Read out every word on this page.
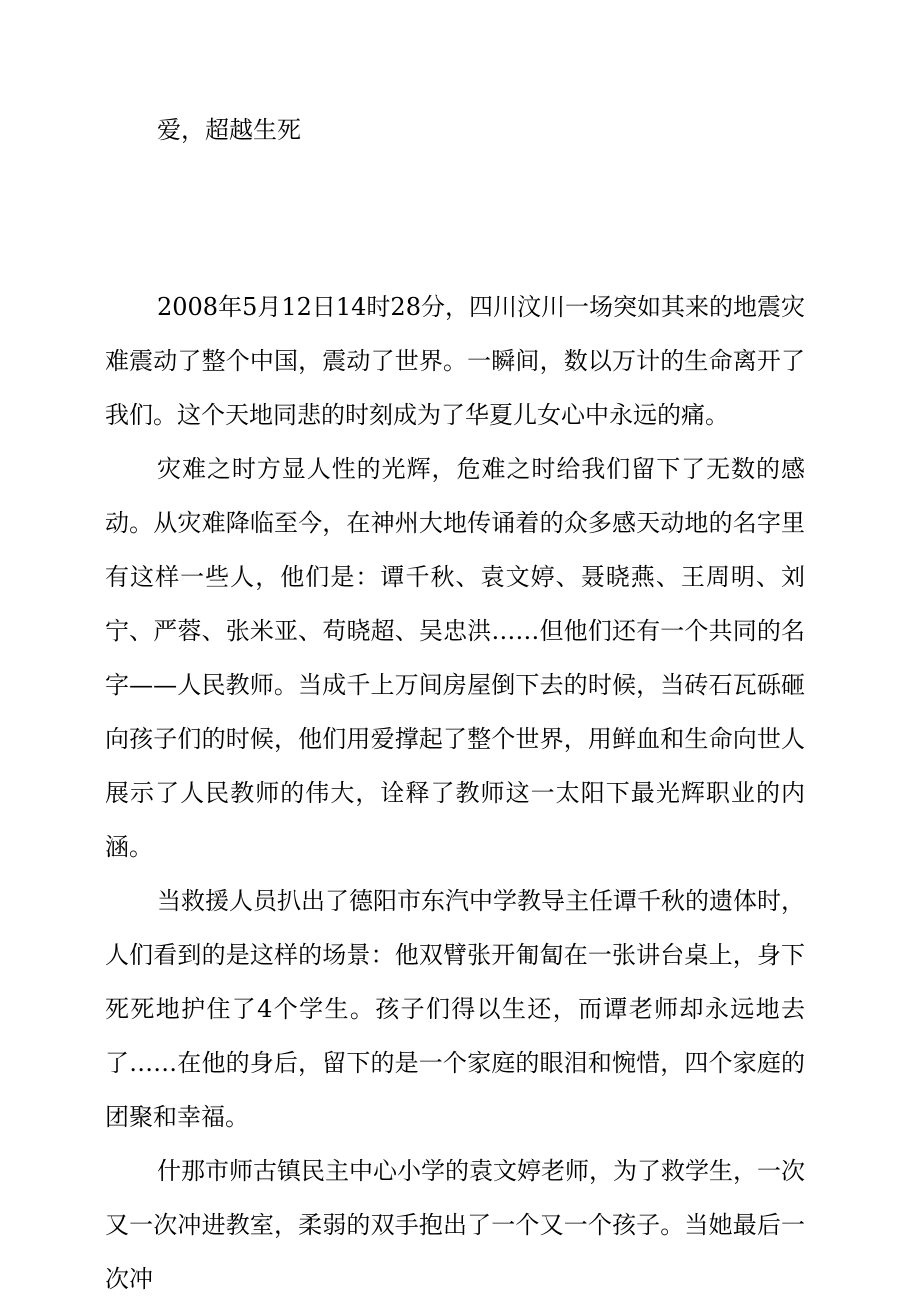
爱，超越生死

2008年5月12日14时28分，四川汶川一场突如其来的地震灾难震动了整个中国，震动了世界。一瞬间，数以万计的生命离开了我们。这个天地同悲的时刻成为了华夏儿女心中永远的痛。

灾难之时方显人性的光辉，危难之时给我们留下了无数的感动。从灾难降临至今，在神州大地传诵着的众多感天动地的名字里有这样一些人，他们是：谭千秋、袁文婷、聂晓燕、王周明、刘宁、严蓉、张米亚、苟晓超、吴忠洪……但他们还有一个共同的名字——人民教师。当成千上万间房屋倒下去的时候，当砖石瓦砾砸向孩子们的时候，他们用爱撑起了整个世界，用鲜血和生命向世人展示了人民教师的伟大，诠释了教师这一太阳下最光辉职业的内涵。

当救援人员扒出了德阳市东汽中学教导主任谭千秋的遗体时，人们看到的是这样的场景：他双臂张开匍匐在一张讲台桌上，身下死死地护住了4个学生。孩子们得以生还，而谭老师却永远地去了……在他的身后，留下的是一个家庭的眼泪和惋惜，四个家庭的团聚和幸福。

什那市师古镇民主中心小学的袁文婷老师，为了救学生，一次又一次冲进教室，柔弱的双手抱出了一个又一个孩子。当她最后一次冲
